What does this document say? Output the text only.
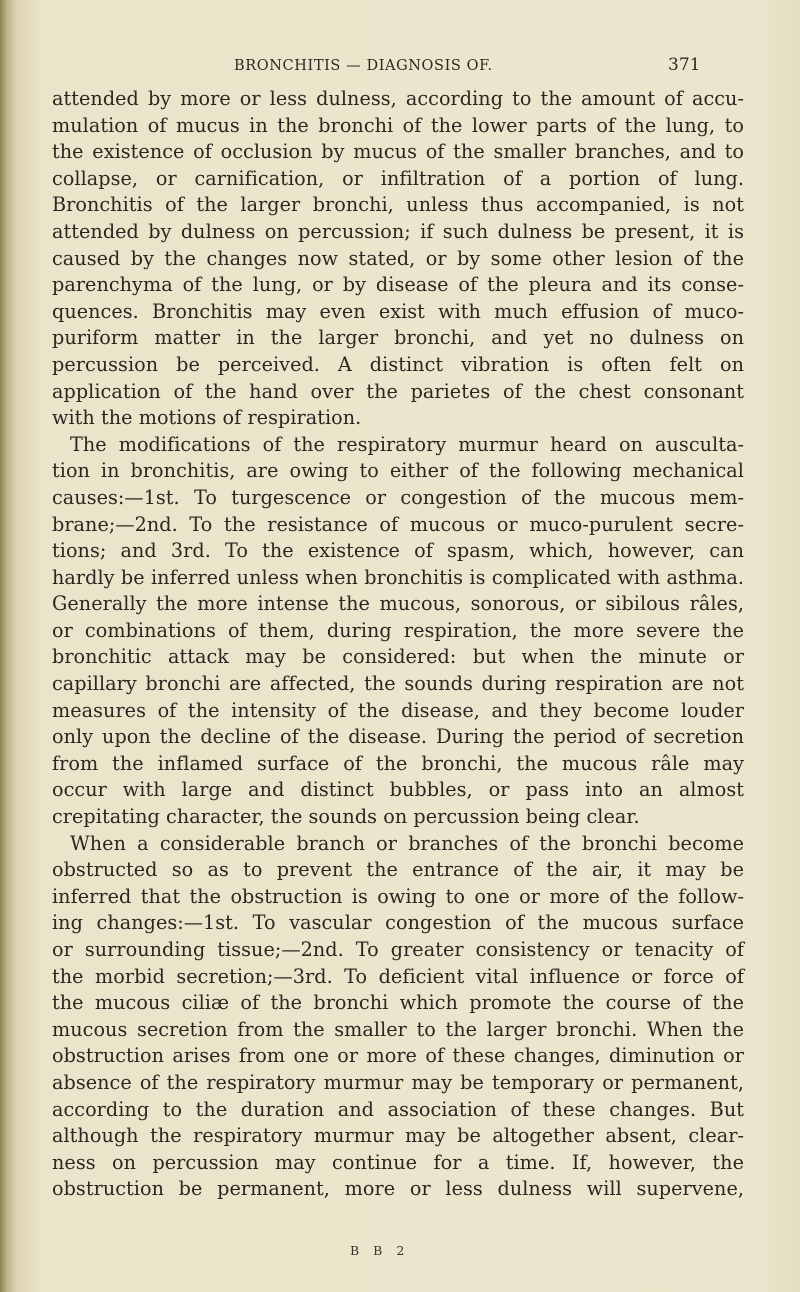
BRONCHITIS — DIAGNOSIS OF.	371
attended by more or less dulness, according to the amount of accu-
mulation of mucus in the bronchi of the lower parts of the lung, to
the existence of occlusion by mucus of the smaller branches, and to
collapse, or carnification, or infiltration of a portion of lung.
Bronchitis of the larger bronchi, unless thus accompanied, is not
attended by dulness on percussion; if such dulness be present, it is
caused by the changes now stated, or by some other lesion of the
parenchyma of the lung, or by disease of the pleura and its conse-
quences. Bronchitis may even exist with much effusion of muco-
puriform matter in the larger bronchi, and yet no dulness on
percussion be perceived. A distinct vibration is often felt on
application of the hand over the parietes of the chest consonant
with the motions of respiration.
The modifications of the respiratory murmur heard on ausculta-
tion in bronchitis, are owing to either of the following mechanical
causes:—1st. To turgescence or congestion of the mucous mem-
brane;—2nd. To the resistance of mucous or muco-purulent secre-
tions; and 3rd. To the existence of spasm, which, however, can
hardly be inferred unless when bronchitis is complicated with asthma.
Generally the more intense the mucous, sonorous, or sibilous râles,
or combinations of them, during respiration, the more severe the
bronchitic attack may be considered: but when the minute or
capillary bronchi are affected, the sounds during respiration are not
measures of the intensity of the disease, and they become louder
only upon the decline of the disease. During the period of secretion
from the inflamed surface of the bronchi, the mucous râle may
occur with large and distinct bubbles, or pass into an almost
crepitating character, the sounds on percussion being clear.
When a considerable branch or branches of the bronchi become
obstructed so as to prevent the entrance of the air, it may be
inferred that the obstruction is owing to one or more of the follow-
ing changes:—1st. To vascular congestion of the mucous surface
or surrounding tissue;—2nd. To greater consistency or tenacity of
the morbid secretion;—3rd. To deficient vital influence or force of
the mucous ciliæ of the bronchi which promote the course of the
mucous secretion from the smaller to the larger bronchi. When the
obstruction arises from one or more of these changes, diminution or
absence of the respiratory murmur may be temporary or permanent,
according to the duration and association of these changes. But
although the respiratory murmur may be altogether absent, clear-
ness on percussion may continue for a time. If, however, the
obstruction be permanent, more or less dulness will supervene,
B B 2
